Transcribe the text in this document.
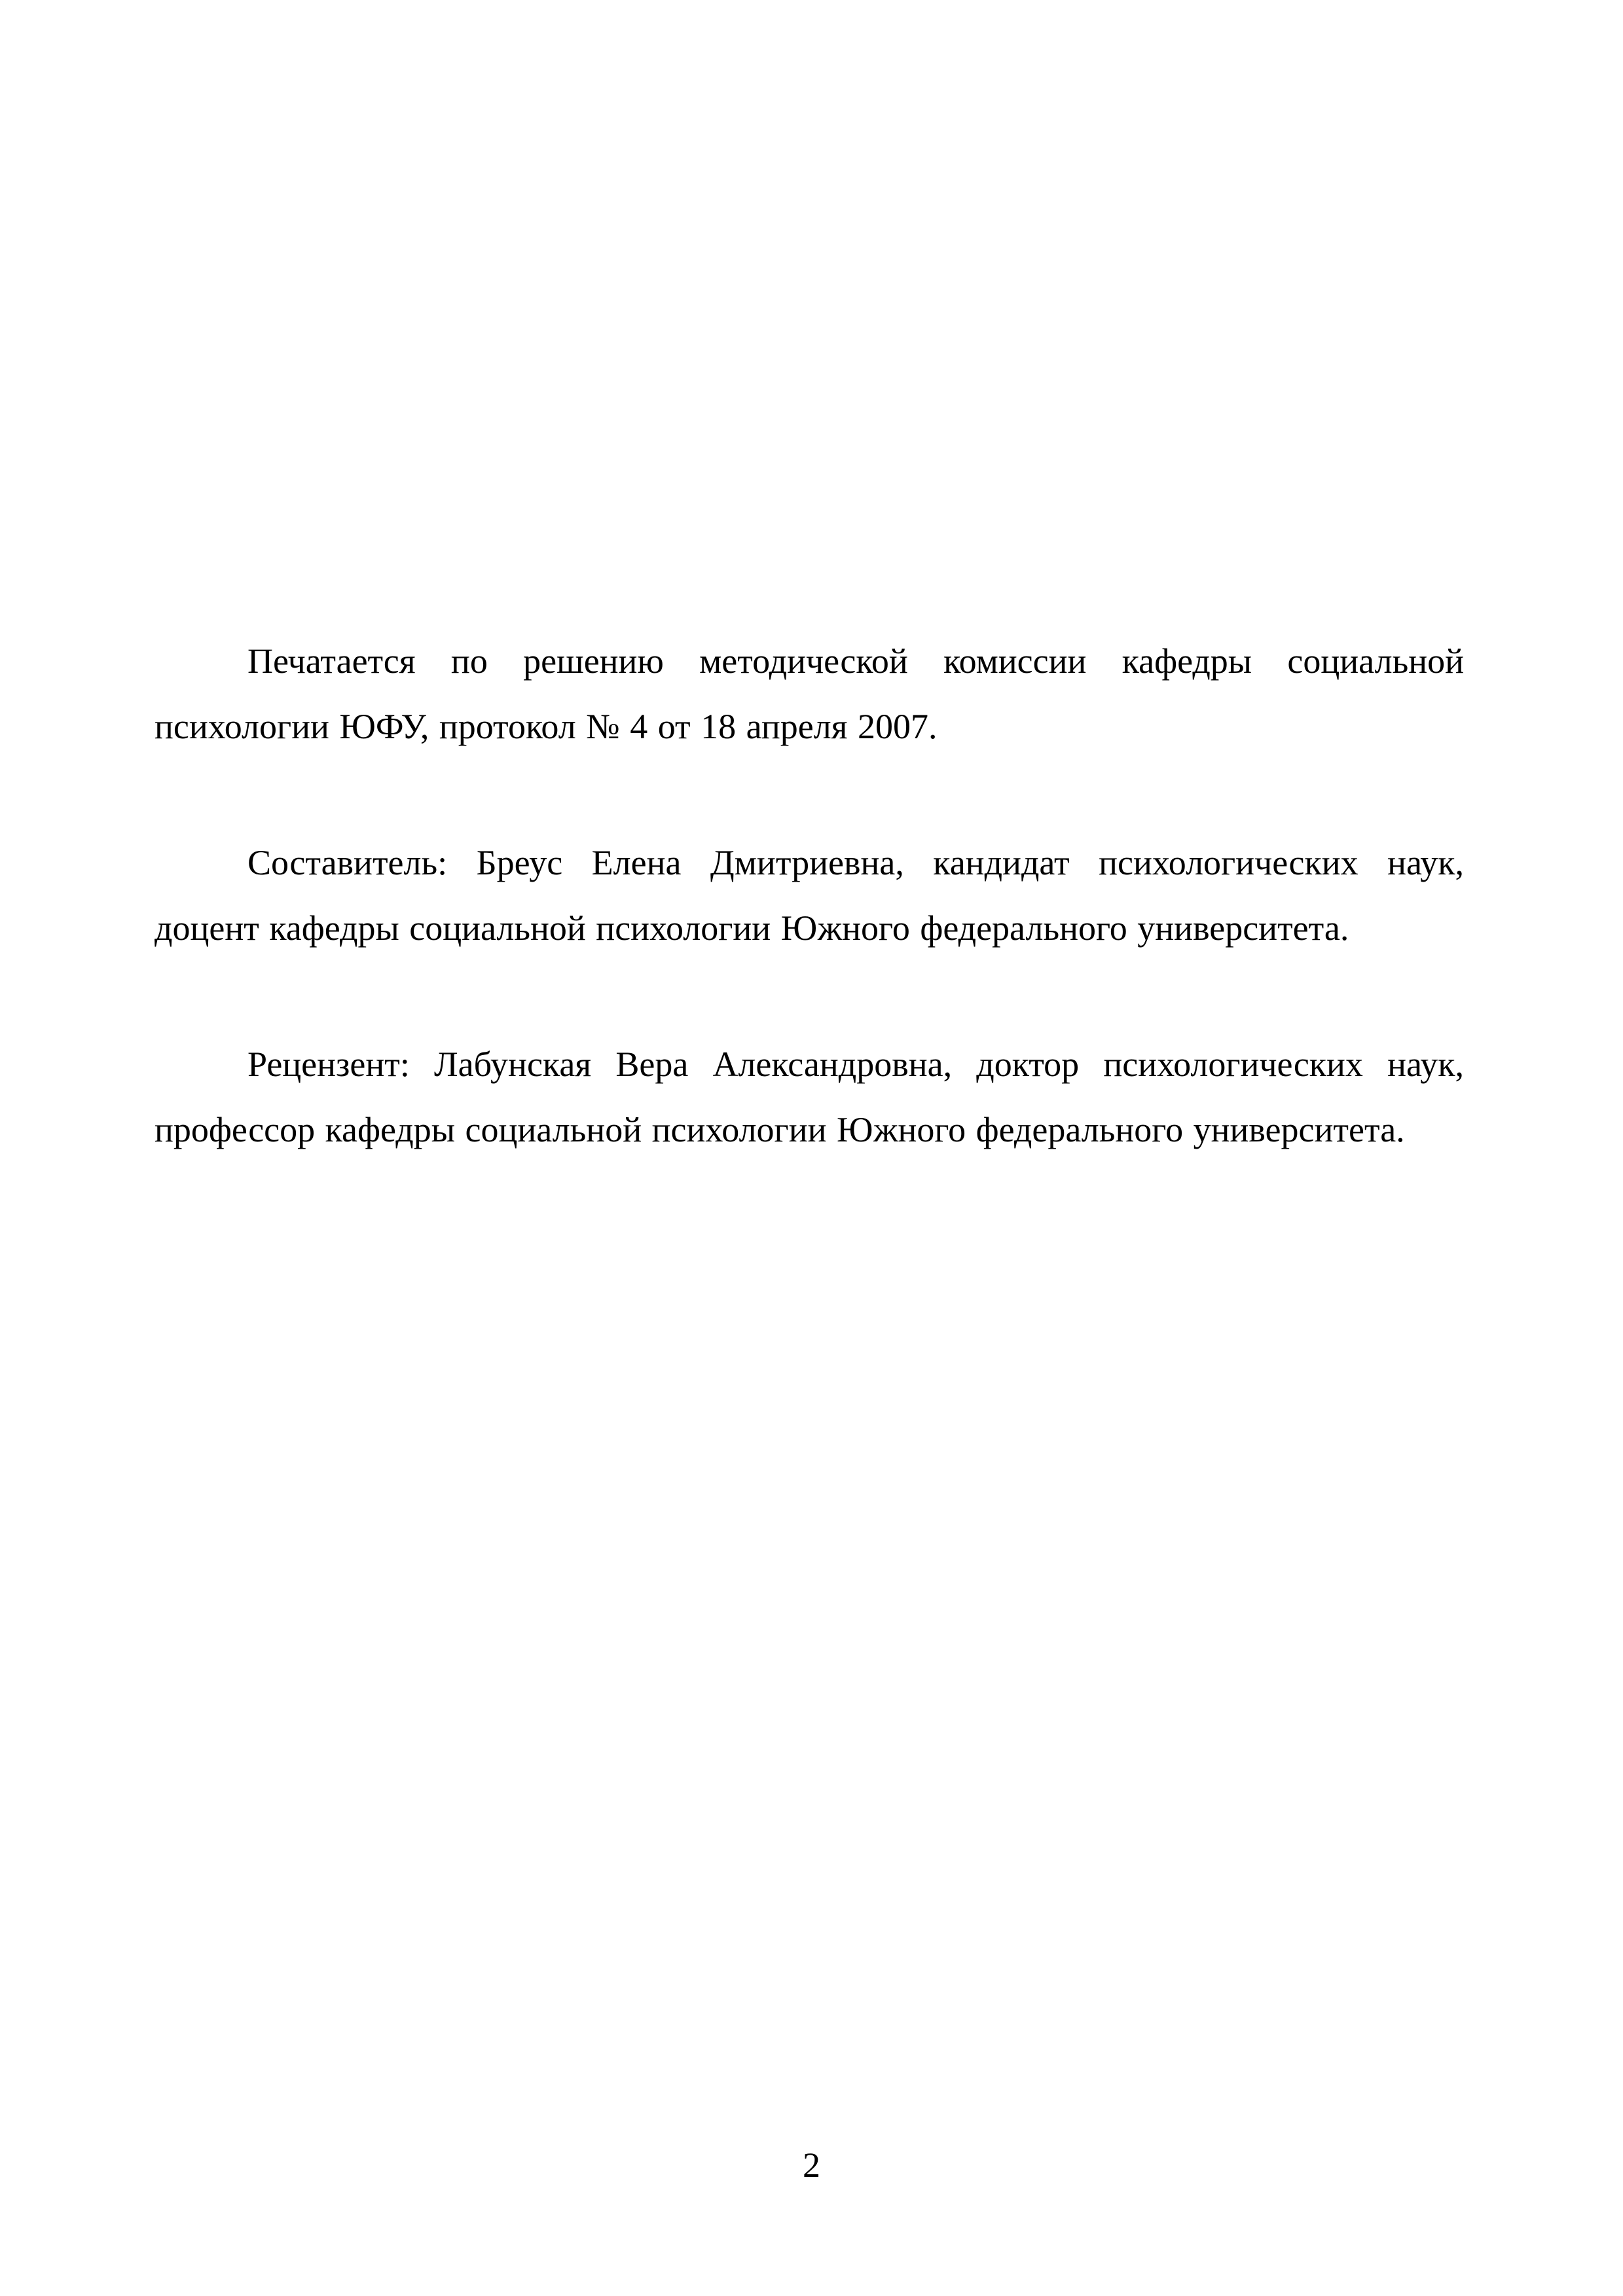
Печатается по решению методической комиссии кафедры социальной психологии ЮФУ, протокол № 4 от 18 апреля 2007.

Составитель: Бреус Елена Дмитриевна, кандидат психологических наук, доцент кафедры социальной психологии Южного федерального университета.

Рецензент: Лабунская Вера Александровна, доктор психологических наук, профессор кафедры социальной психологии Южного федерального университета.

2
